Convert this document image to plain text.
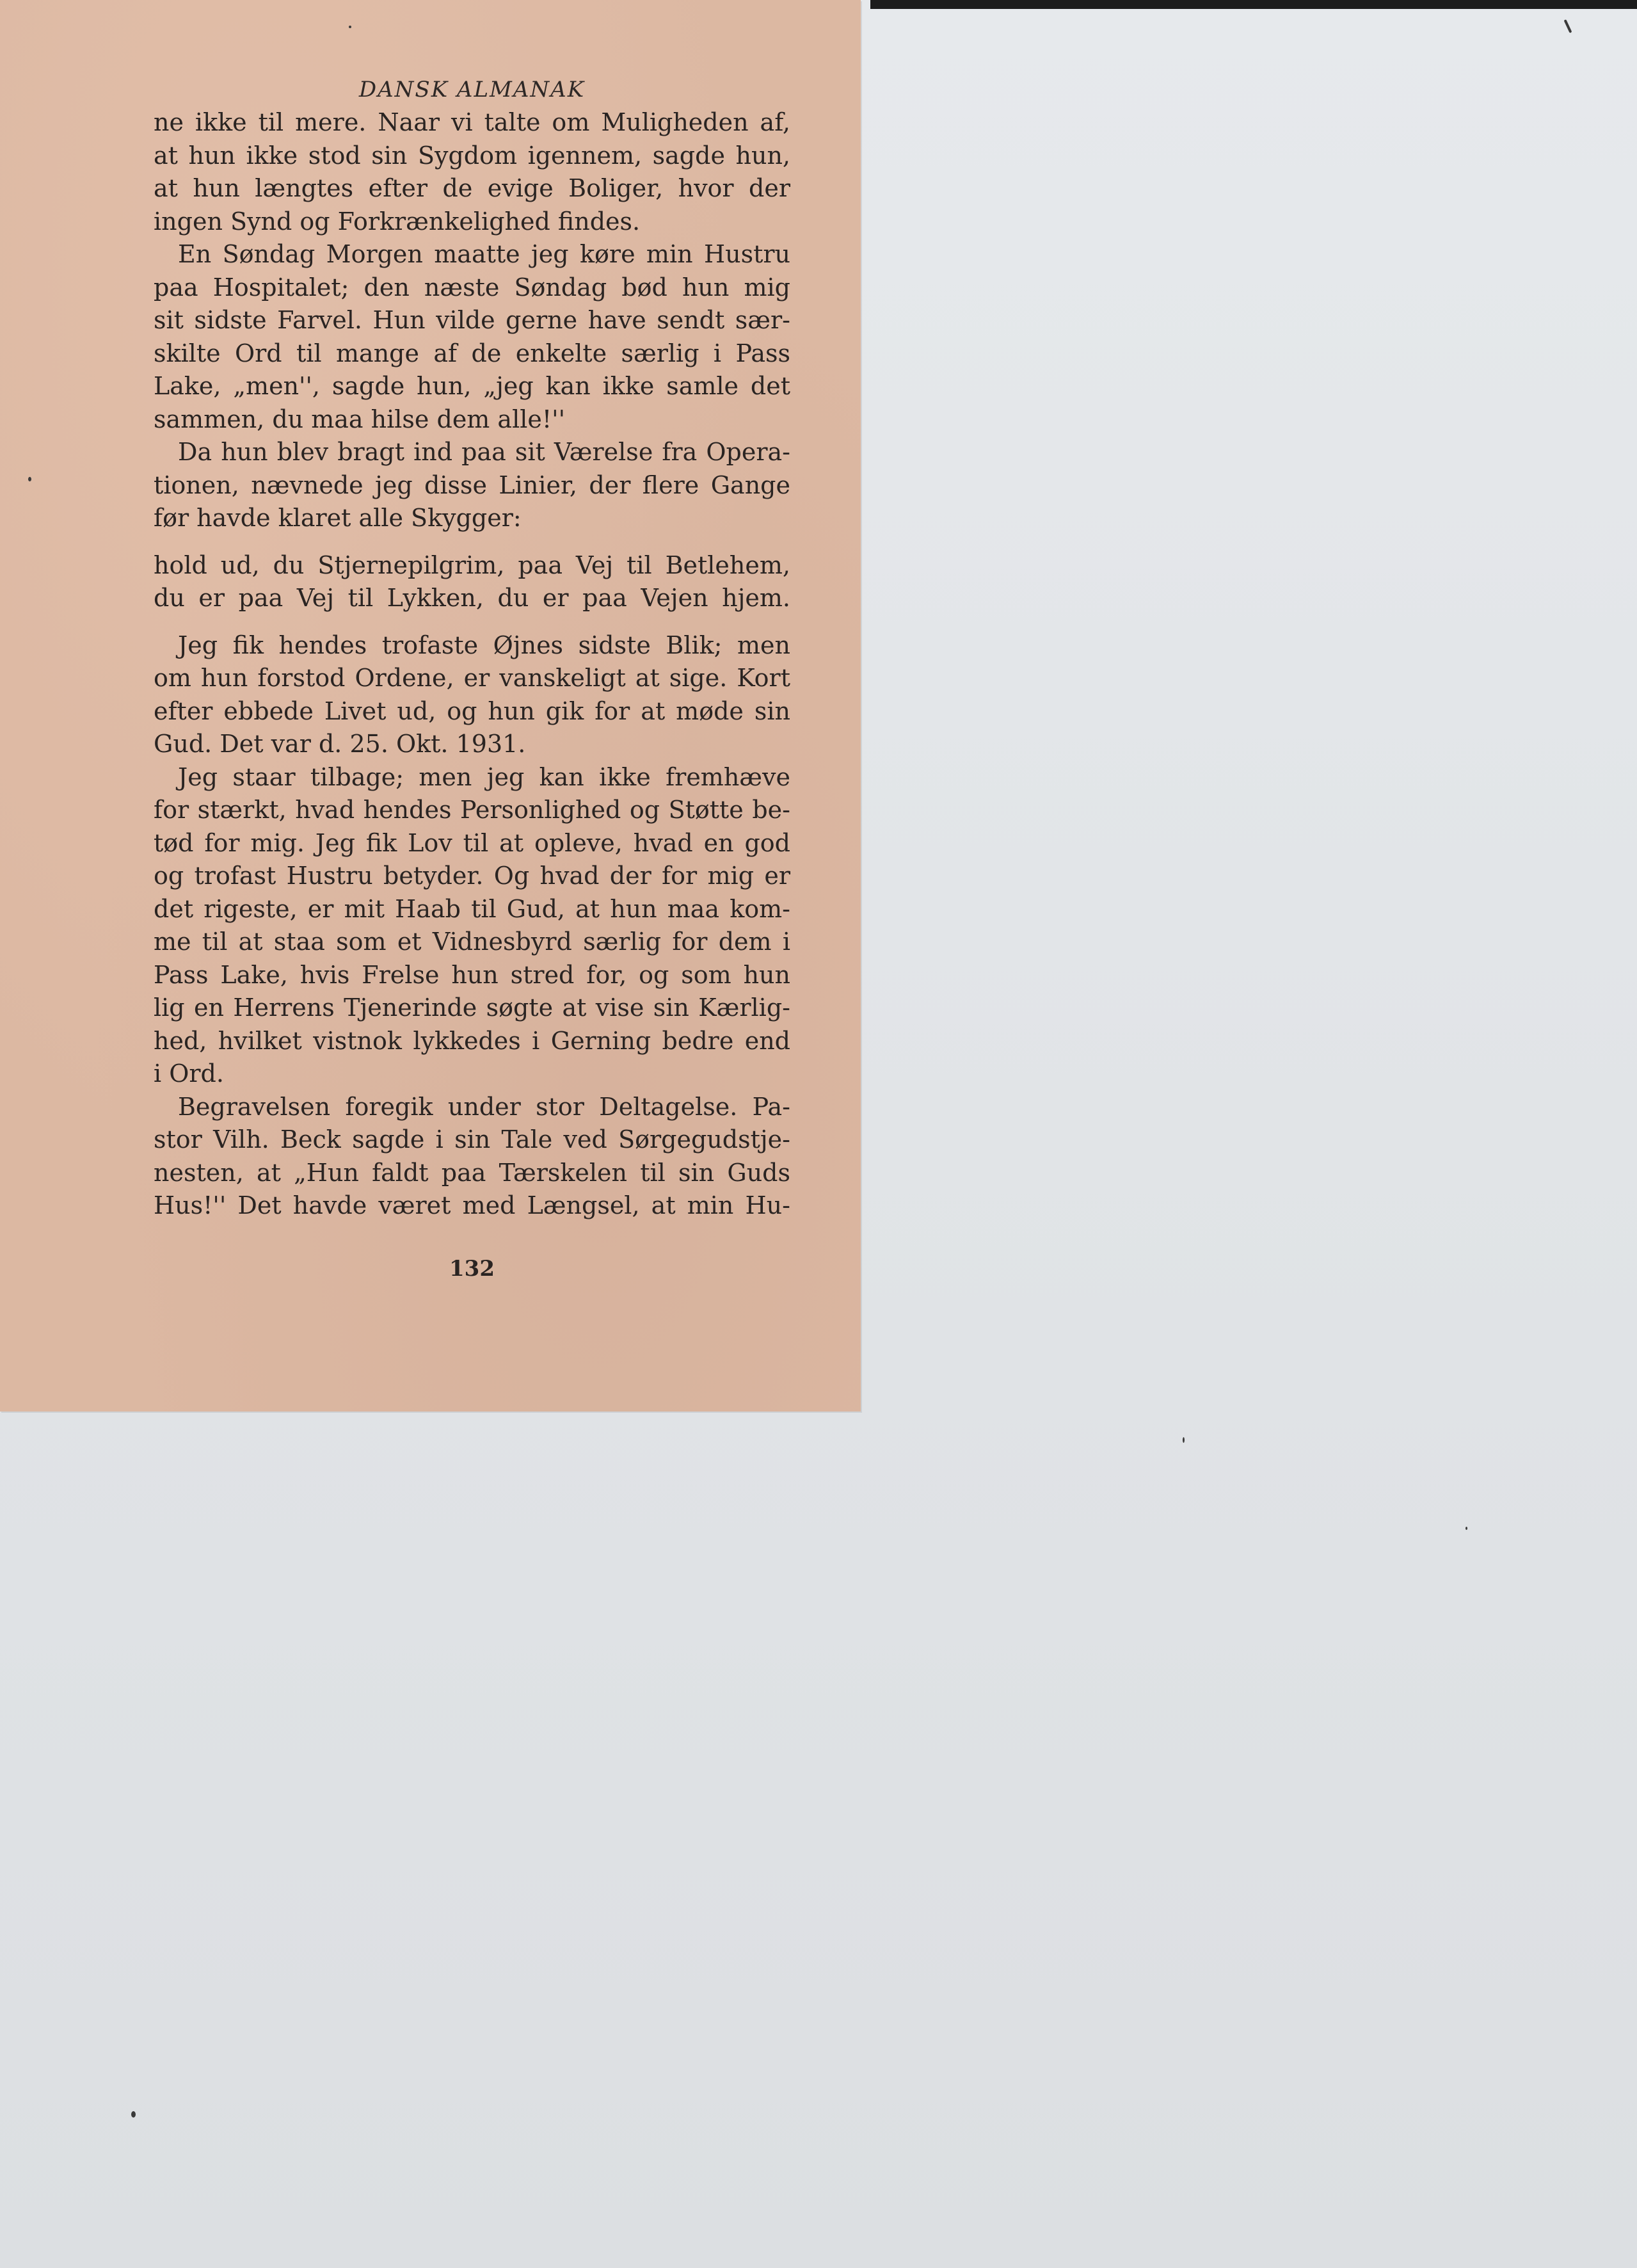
DANSK ALMANAK
ne ikke til mere. Naar vi talte om Muligheden af,
at hun ikke stod sin Sygdom igennem, sagde hun,
at hun længtes efter de evige Boliger, hvor der
ingen Synd og Forkrænkelighed findes.
En Søndag Morgen maatte jeg køre min Hustru
paa Hospitalet; den næste Søndag bød hun mig
sit sidste Farvel. Hun vilde gerne have sendt sær-
skilte Ord til mange af de enkelte særlig i Pass
Lake, „men'', sagde hun, „jeg kan ikke samle det
sammen, du maa hilse dem alle!''
Da hun blev bragt ind paa sit Værelse fra Opera-
tionen, nævnede jeg disse Linier, der flere Gange
før havde klaret alle Skygger:
hold ud, du Stjernepilgrim, paa Vej til Betlehem,
du er paa Vej til Lykken, du er paa Vejen hjem.
Jeg fik hendes trofaste Øjnes sidste Blik; men
om hun forstod Ordene, er vanskeligt at sige. Kort
efter ebbede Livet ud, og hun gik for at møde sin
Gud. Det var d. 25. Okt. 1931.
Jeg staar tilbage; men jeg kan ikke fremhæve
for stærkt, hvad hendes Personlighed og Støtte be-
tød for mig. Jeg fik Lov til at opleve, hvad en god
og trofast Hustru betyder. Og hvad der for mig er
det rigeste, er mit Haab til Gud, at hun maa kom-
me til at staa som et Vidnesbyrd særlig for dem i
Pass Lake, hvis Frelse hun stred for, og som hun
lig en Herrens Tjenerinde søgte at vise sin Kærlig-
hed, hvilket vistnok lykkedes i Gerning bedre end
i Ord.
Begravelsen foregik under stor Deltagelse. Pa-
stor Vilh. Beck sagde i sin Tale ved Sørgegudstje-
nesten, at „Hun faldt paa Tærskelen til sin Guds
Hus!'' Det havde været med Længsel, at min Hu-
132
